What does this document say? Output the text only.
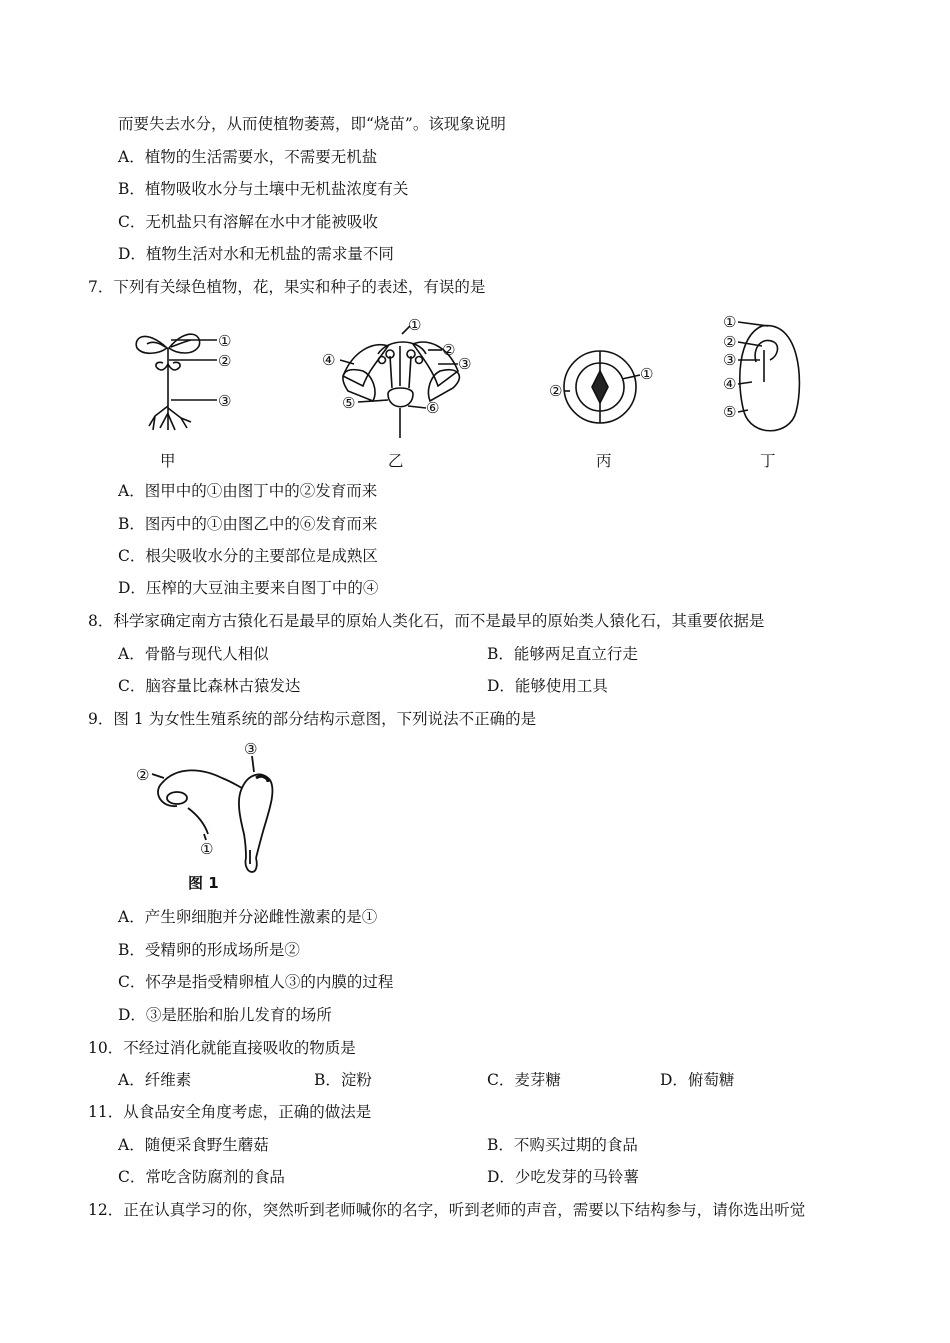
而要失去水分，从而使植物萎蔫，即“烧苗”。该现象说明
A．植物的生活需要水，不需要无机盐
B．植物吸收水分与土壤中无机盐浓度有关
C．无机盐只有溶解在水中才能被吸收
D．植物生活对水和无机盐的需求量不同
7．下列有关绿色植物，花，果实和种子的表述，有误的是
①
②
③
甲
①
②
③
④
⑤	⑥
乙
①
②
丙
①
②
③
④
⑤
丁
A．图甲中的①由图丁中的②发育而来
B．图丙中的①由图乙中的⑥发育而来
C．根尖吸收水分的主要部位是成熟区
D．压榨的大豆油主要来自图丁中的④
8．科学家确定南方古猿化石是最早的原始人类化石，而不是最早的原始类人猿化石，其重要依据是
A．骨骼与现代人相似	B．能够两足直立行走
C．脑容量比森林古猿发达	D．能够使用工具
9．图 1 为女性生殖系统的部分结构示意图，下列说法不正确的是
②
①
③
图 1
A．产生卵细胞并分泌雌性激素的是①
B．受精卵的形成场所是②
C．怀孕是指受精卵植人③的内膜的过程
D．③是胚胎和胎儿发育的场所
10．不经过消化就能直接吸收的物质是
A．纤维素	B．淀粉	C．麦芽糖	D．俯萄糖
11．从食品安全角度考虑，正确的做法是
A．随便采食野生蘑菇	B．不购买过期的食品
C．常吃含防腐剂的食品	D．少吃发芽的马铃薯
12．正在认真学习的你，突然听到老师喊你的名字，听到老师的声音，需要以下结构参与，请你选出听觉
